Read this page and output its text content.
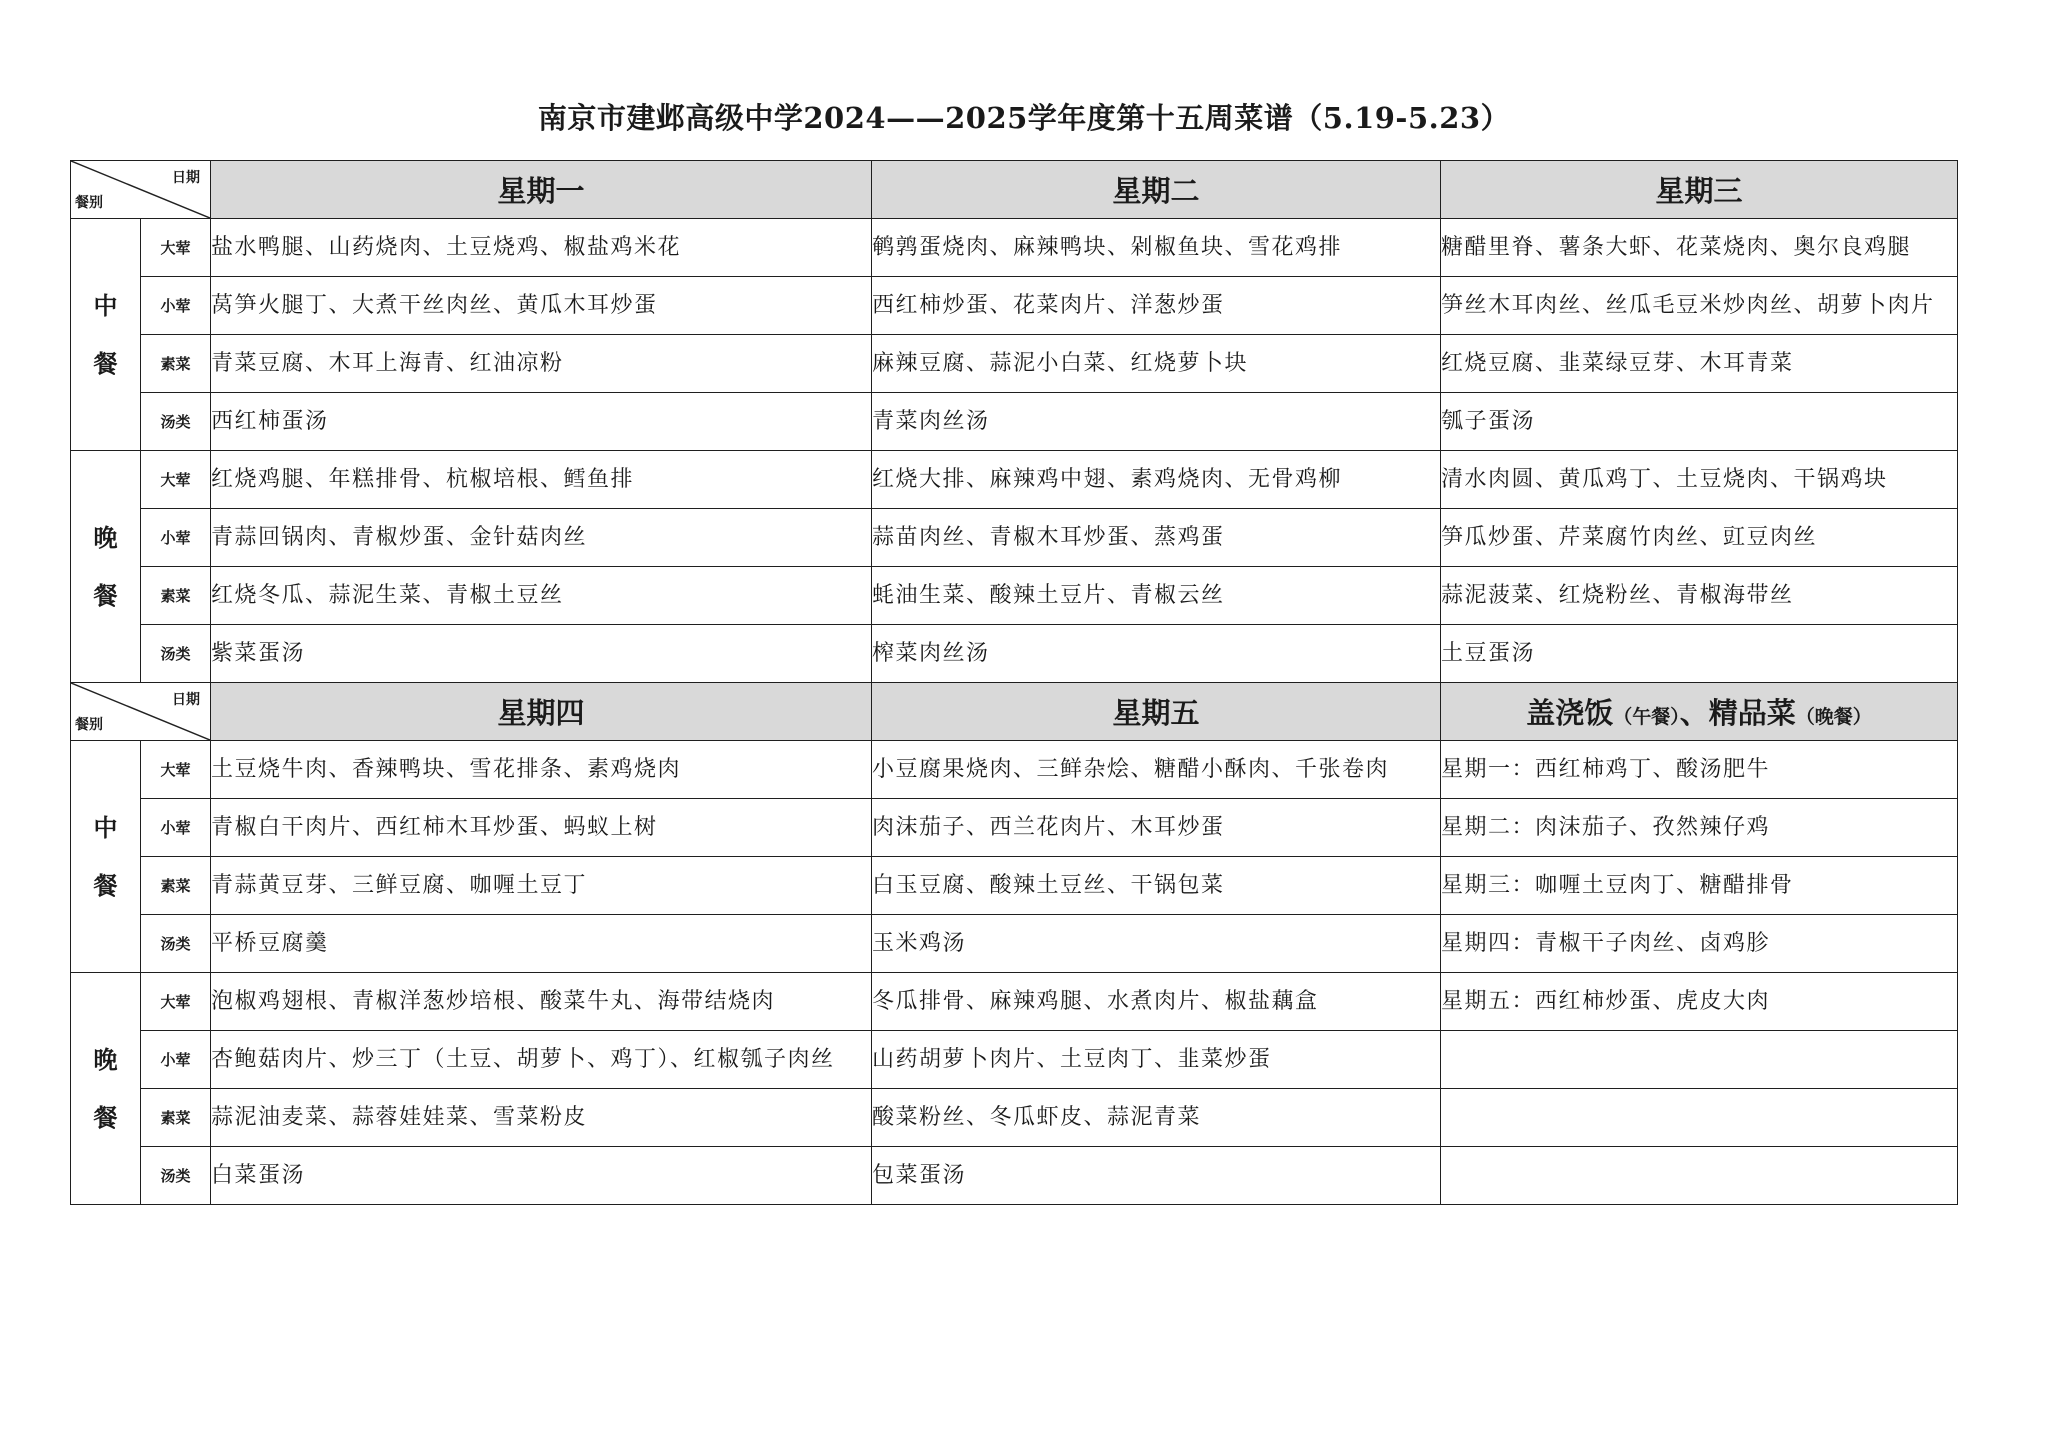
南京市建邺高级中学2024——2025学年度第十五周菜谱（5.19-5.23）
日期
餐别		星期一	星期二	星期三

中
餐	大荤	盐水鸭腿、山药烧肉、土豆烧鸡、椒盐鸡米花	鹌鹑蛋烧肉、麻辣鸭块、剁椒鱼块、雪花鸡排	糖醋里脊、薯条大虾、花菜烧肉、奥尔良鸡腿
	小荤	莴笋火腿丁、大煮干丝肉丝、黄瓜木耳炒蛋	西红柿炒蛋、花菜肉片、洋葱炒蛋	笋丝木耳肉丝、丝瓜毛豆米炒肉丝、胡萝卜肉片
	素菜	青菜豆腐、木耳上海青、红油凉粉	麻辣豆腐、蒜泥小白菜、红烧萝卜块	红烧豆腐、韭菜绿豆芽、木耳青菜
	汤类	西红柿蛋汤	青菜肉丝汤	瓠子蛋汤

晚
餐	大荤	红烧鸡腿、年糕排骨、杭椒培根、鳕鱼排	红烧大排、麻辣鸡中翅、素鸡烧肉、无骨鸡柳	清水肉圆、黄瓜鸡丁、土豆烧肉、干锅鸡块
	小荤	青蒜回锅肉、青椒炒蛋、金针菇肉丝	蒜苗肉丝、青椒木耳炒蛋、蒸鸡蛋	笋瓜炒蛋、芹菜腐竹肉丝、豇豆肉丝
	素菜	红烧冬瓜、蒜泥生菜、青椒土豆丝	蚝油生菜、酸辣土豆片、青椒云丝	蒜泥菠菜、红烧粉丝、青椒海带丝
	汤类	紫菜蛋汤	榨菜肉丝汤	土豆蛋汤

日期
餐别		星期四	星期五	盖浇饭（午餐）、精品菜（晚餐）

中
餐	大荤	土豆烧牛肉、香辣鸭块、雪花排条、素鸡烧肉	小豆腐果烧肉、三鲜杂烩、糖醋小酥肉、千张卷肉	星期一：西红柿鸡丁、酸汤肥牛
	小荤	青椒白干肉片、西红柿木耳炒蛋、蚂蚁上树	肉沫茄子、西兰花肉片、木耳炒蛋	星期二：肉沫茄子、孜然辣仔鸡
	素菜	青蒜黄豆芽、三鲜豆腐、咖喱土豆丁	白玉豆腐、酸辣土豆丝、干锅包菜	星期三：咖喱土豆肉丁、糖醋排骨
	汤类	平桥豆腐羹	玉米鸡汤	星期四：青椒干子肉丝、卤鸡胗

晚
餐	大荤	泡椒鸡翅根、青椒洋葱炒培根、酸菜牛丸、海带结烧肉	冬瓜排骨、麻辣鸡腿、水煮肉片、椒盐藕盒	星期五：西红柿炒蛋、虎皮大肉
	小荤	杏鲍菇肉片、炒三丁（土豆、胡萝卜、鸡丁）、红椒瓠子肉丝	山药胡萝卜肉片、土豆肉丁、韭菜炒蛋	
	素菜	蒜泥油麦菜、蒜蓉娃娃菜、雪菜粉皮	酸菜粉丝、冬瓜虾皮、蒜泥青菜	
	汤类	白菜蛋汤	包菜蛋汤	
